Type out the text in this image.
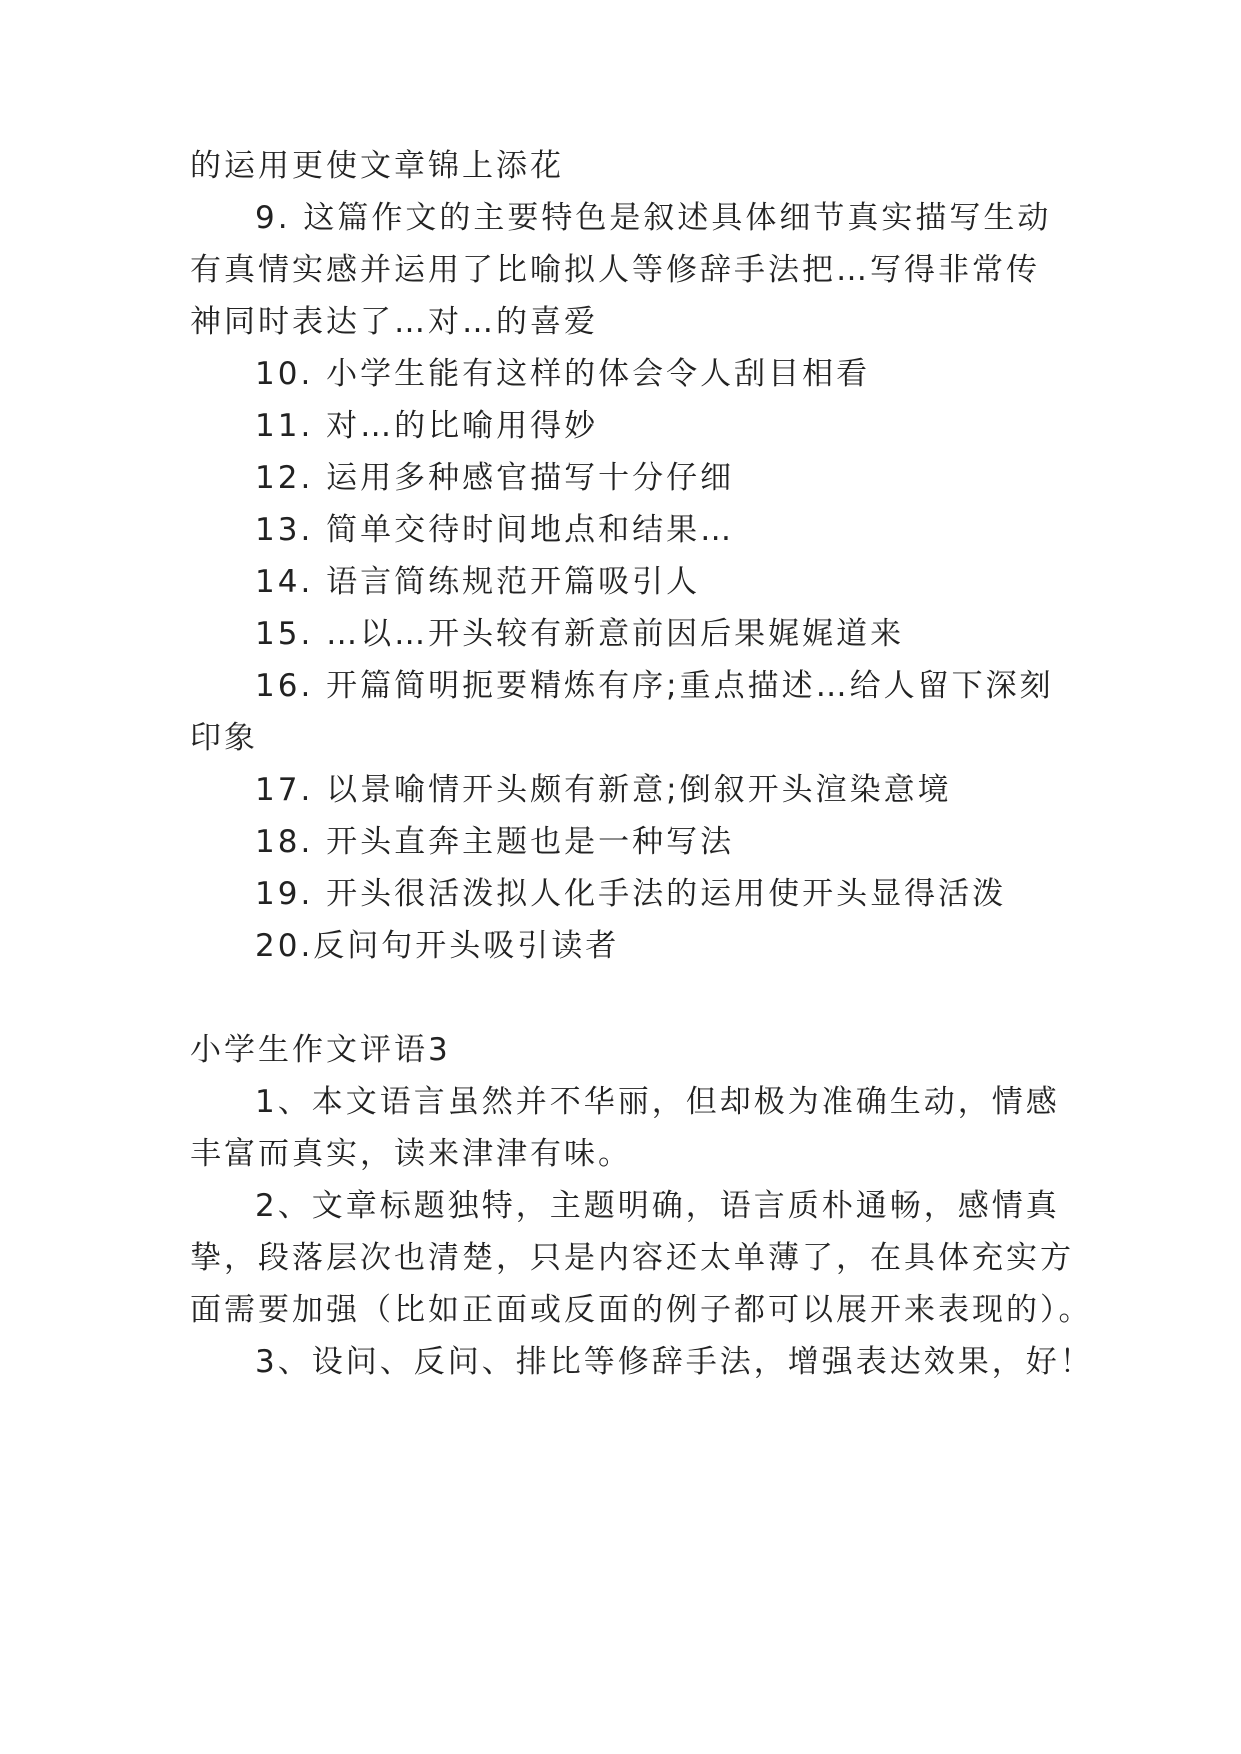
的运用更使文章锦上添花

9. 这篇作文的主要特色是叙述具体细节真实描写生动

有真情实感并运用了比喻拟人等修辞手法把…写得非常传

神同时表达了…对…的喜爱

10. 小学生能有这样的体会令人刮目相看

11. 对…的比喻用得妙

12. 运用多种感官描写十分仔细

13. 简单交待时间地点和结果…

14. 语言简练规范开篇吸引人

15. …以…开头较有新意前因后果娓娓道来

16. 开篇简明扼要精炼有序;重点描述…给人留下深刻

印象

17. 以景喻情开头颇有新意;倒叙开头渲染意境

18. 开头直奔主题也是一种写法

19. 开头很活泼拟人化手法的运用使开头显得活泼

20.反问句开头吸引读者

小学生作文评语3

1、本文语言虽然并不华丽，但却极为准确生动，情感

丰富而真实，读来津津有味。

2、文章标题独特，主题明确，语言质朴通畅，感情真

挚，段落层次也清楚，只是内容还太单薄了，在具体充实方

面需要加强（比如正面或反面的例子都可以展开来表现的）。

3、设问、反问、排比等修辞手法，增强表达效果，好！
